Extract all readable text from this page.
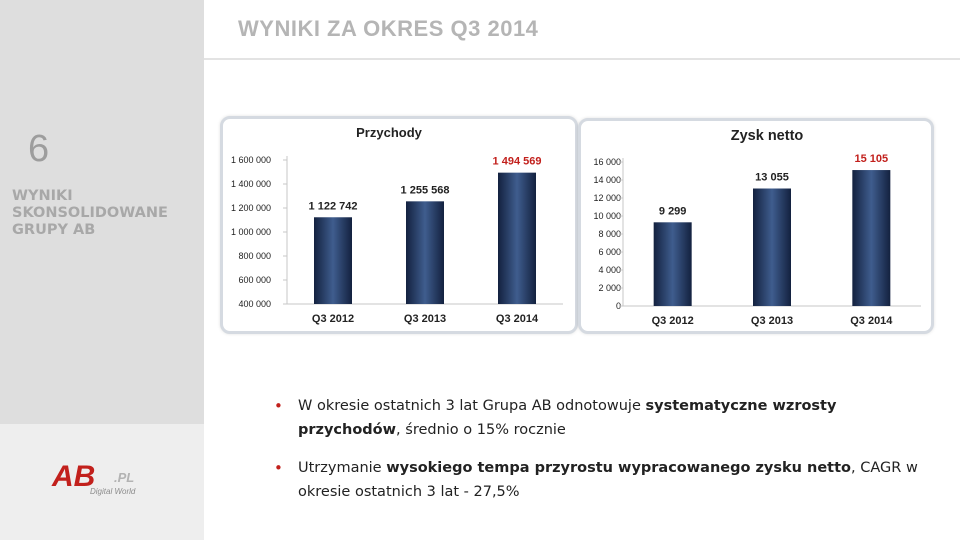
WYNIKI ZA OKRES Q3 2014
6
WYNIKI
SKONSOLIDOWANE
GRUPY AB
AB .PL
Digital World
Przychody
400 000
600 000
800 000
1 000 000
1 200 000
1 400 000
1 600 000
1 122 742
Q3 2012
1 255 568
Q3 2013
1 494 569
Q3 2014
Zysk netto
0
2 000
4 000
6 000
8 000
10 000
12 000
14 000
16 000
9 299
Q3 2012
13 055
Q3 2013
15 105
Q3 2014
• W okresie ostatnich 3 lat Grupa AB odnotowuje systematyczne wzrosty przychodów, średnio o 15% rocznie
• Utrzymanie wysokiego tempa przyrostu wypracowanego zysku netto, CAGR w okresie ostatnich 3 lat - 27,5%
